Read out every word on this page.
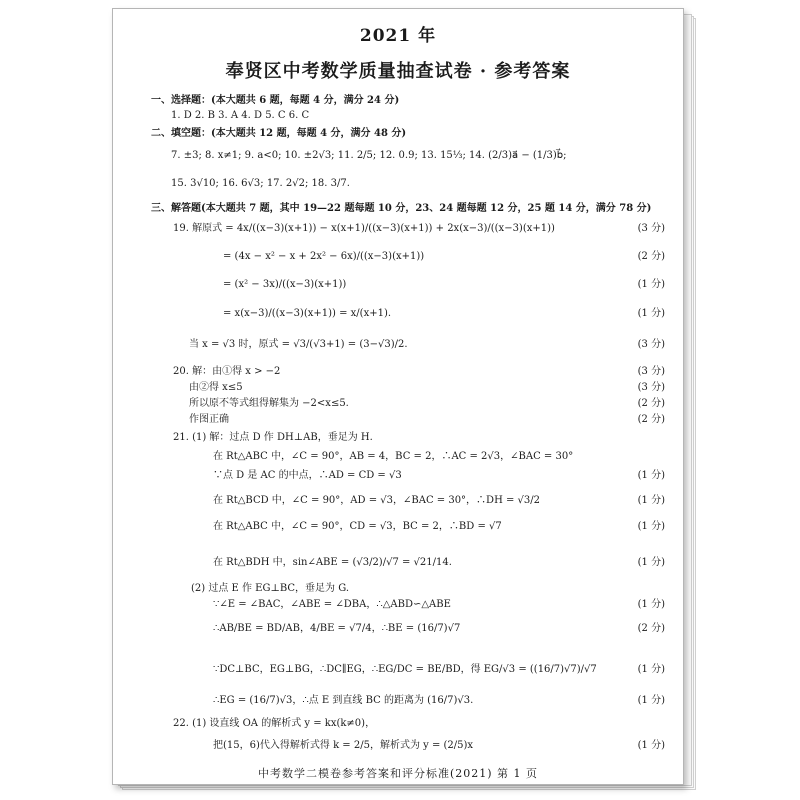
2021 年
奉贤区中考数学质量抽查试卷 · 参考答案
一、选择题：(本大题共 6 题，每题 4 分，满分 24 分)
1. D 2. B 3. A 4. D 5. C 6. C
二、填空题：(本大题共 12 题，每题 4 分，满分 48 分)
7. ±3; 8. x≠1; 9. a<0; 10. ±2√3; 11. 2/5; 12. 0.9; 13. 15⅓; 14. (2/3)a⃗ − (1/3)b⃗;
15. 3√10; 16. 6√3; 17. 2√2; 18. 3/7.
三、解答题(本大题共 7 题，其中 19—22 题每题 10 分，23、24 题每题 12 分，25 题 14 分，满分 78 分)
19. 解原式 = 4x/((x−3)(x+1)) − x(x+1)/((x−3)(x+1)) + 2x(x−3)/((x−3)(x+1))	(3 分)
= (4x − x² − x + 2x² − 6x)/((x−3)(x+1))	(2 分)
= (x² − 3x)/((x−3)(x+1))	(1 分)
= x(x−3)/((x−3)(x+1)) = x/(x+1).	(1 分)
当 x = √3 时，原式 = √3/(√3+1) = (3−√3)/2.	(3 分)
20. 解：由①得 x > −2	(3 分)
由②得 x≤5	(3 分)
所以原不等式组得解集为 −2<x≤5.	(2 分)
作图正确	(2 分)
21. (1) 解：过点 D 作 DH⊥AB，垂足为 H.
在 Rt△ABC 中，∠C = 90°，AB = 4，BC = 2，∴AC = 2√3，∠BAC = 30°
∵点 D 是 AC 的中点，∴AD = CD = √3	(1 分)
在 Rt△BCD 中，∠C = 90°，AD = √3，∠BAC = 30°，∴DH = √3/2	(1 分)
在 Rt△ABC 中，∠C = 90°，CD = √3，BC = 2，∴BD = √7	(1 分)
在 Rt△BDH 中，sin∠ABE = (√3/2)/√7 = √21/14.	(1 分)
(2) 过点 E 作 EG⊥BC，垂足为 G.
∵∠E = ∠BAC，∠ABE = ∠DBA，∴△ABD∽△ABE	(1 分)
∴AB/BE = BD/AB，4/BE = √7/4，∴BE = (16/7)√7	(2 分)
∵DC⊥BC，EG⊥BG，∴DC∥EG，∴EG/DC = BE/BD，得 EG/√3 = ((16/7)√7)/√7	(1 分)
∴EG = (16/7)√3，∴点 E 到直线 BC 的距离为 (16/7)√3.	(1 分)
22. (1) 设直线 OA 的解析式 y = kx(k≠0)，
把(15，6)代入得解析式得 k = 2/5，解析式为 y = (2/5)x	(1 分)
中考数学二模卷参考答案和评分标准(2021) 第 1 页
